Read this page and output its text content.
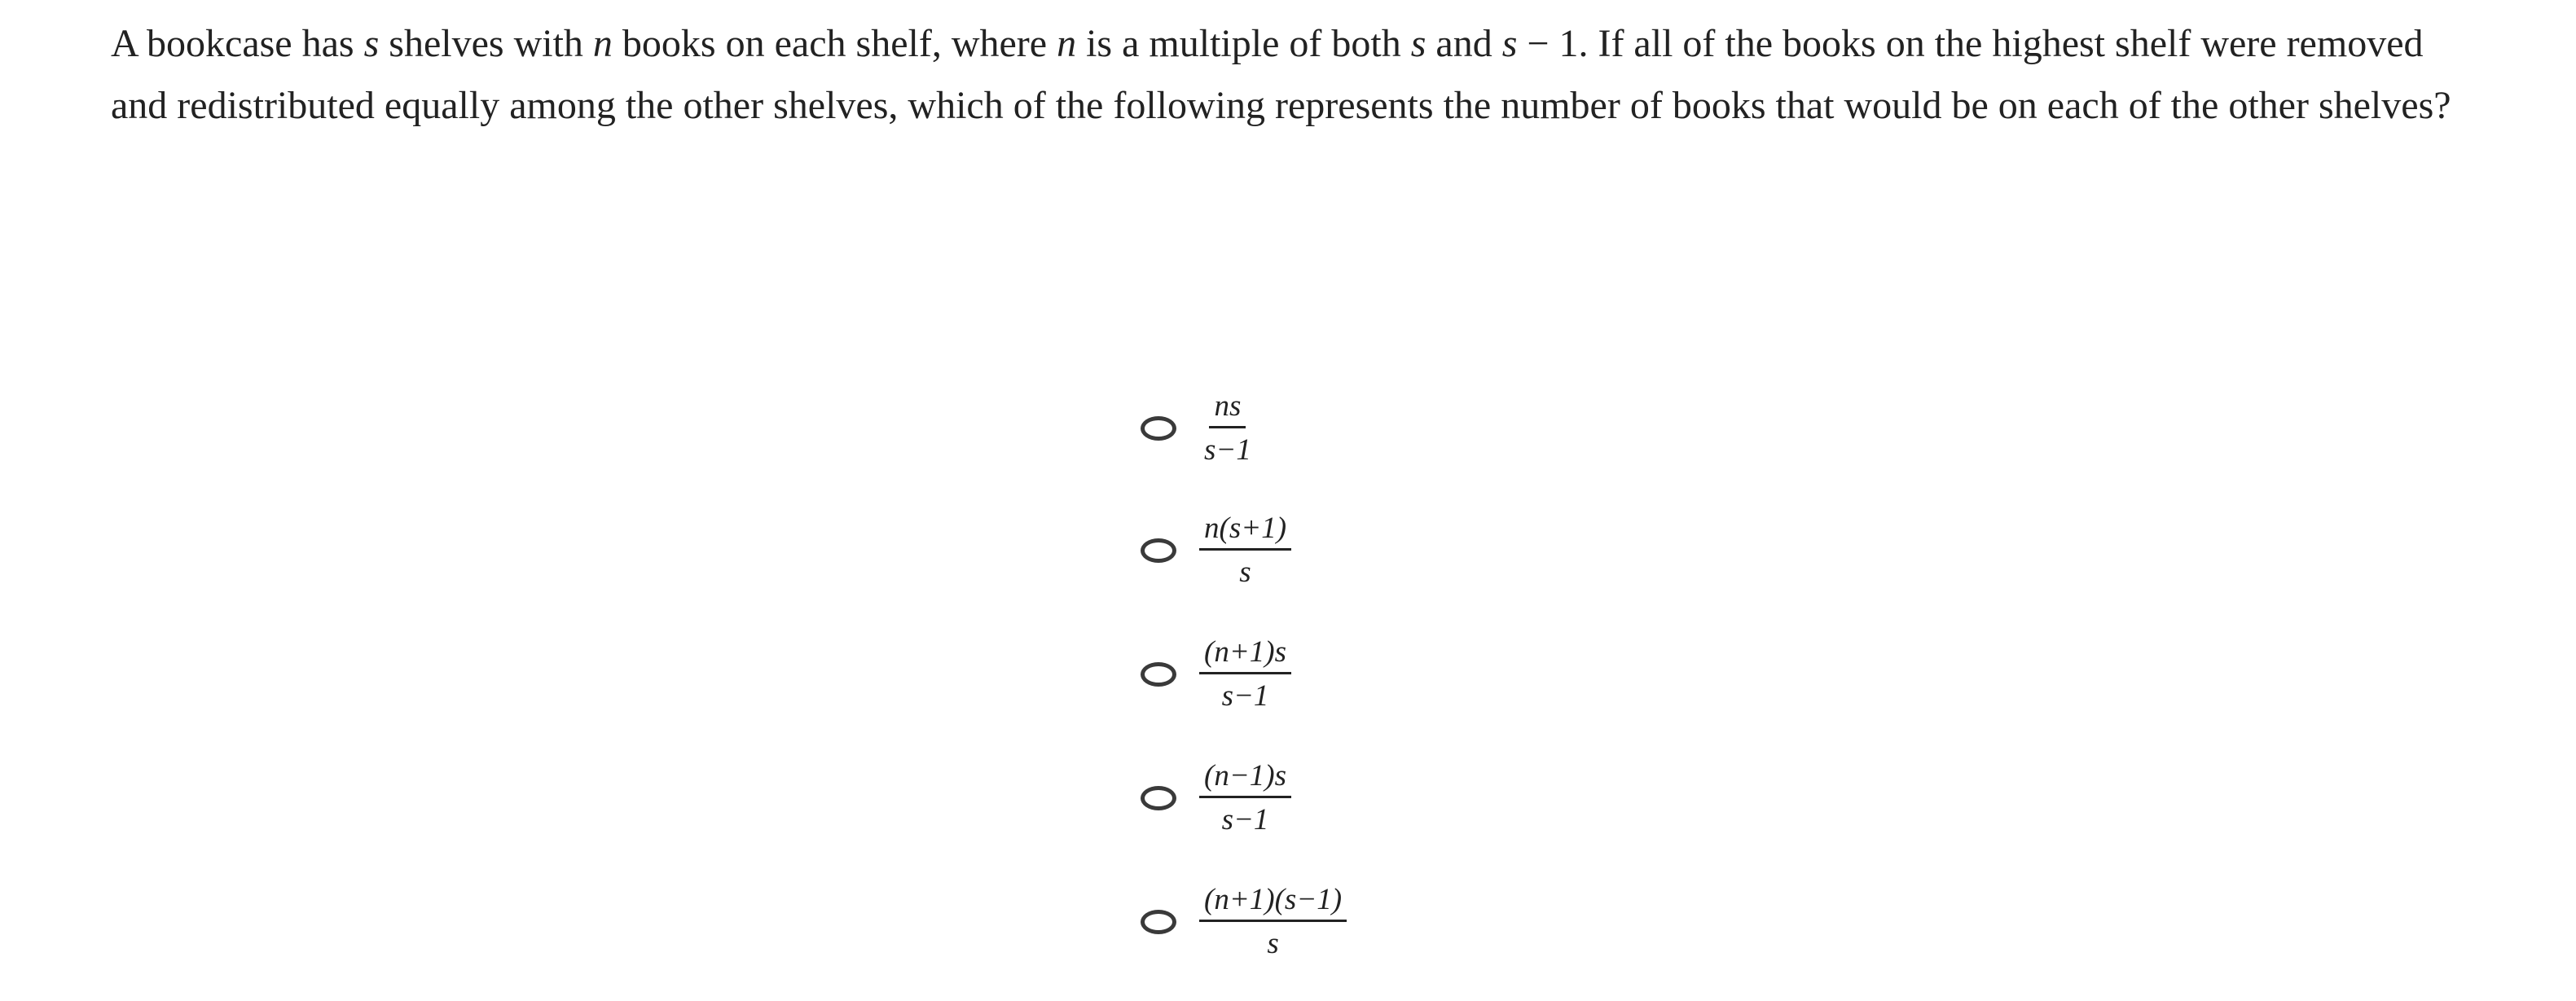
A bookcase has s shelves with n books on each shelf, where n is a multiple of both s and s − 1. If all of the books on the highest shelf were removed and redistributed equally among the other shelves, which of the following represents the number of books that would be on each of the other shelves?

$\frac{ns}{s-1}$
$\frac{n(s+1)}{s}$
$\frac{(n+1)s}{s-1}$
$\frac{(n-1)s}{s-1}$
$\frac{(n+1)(s-1)}{s}$
